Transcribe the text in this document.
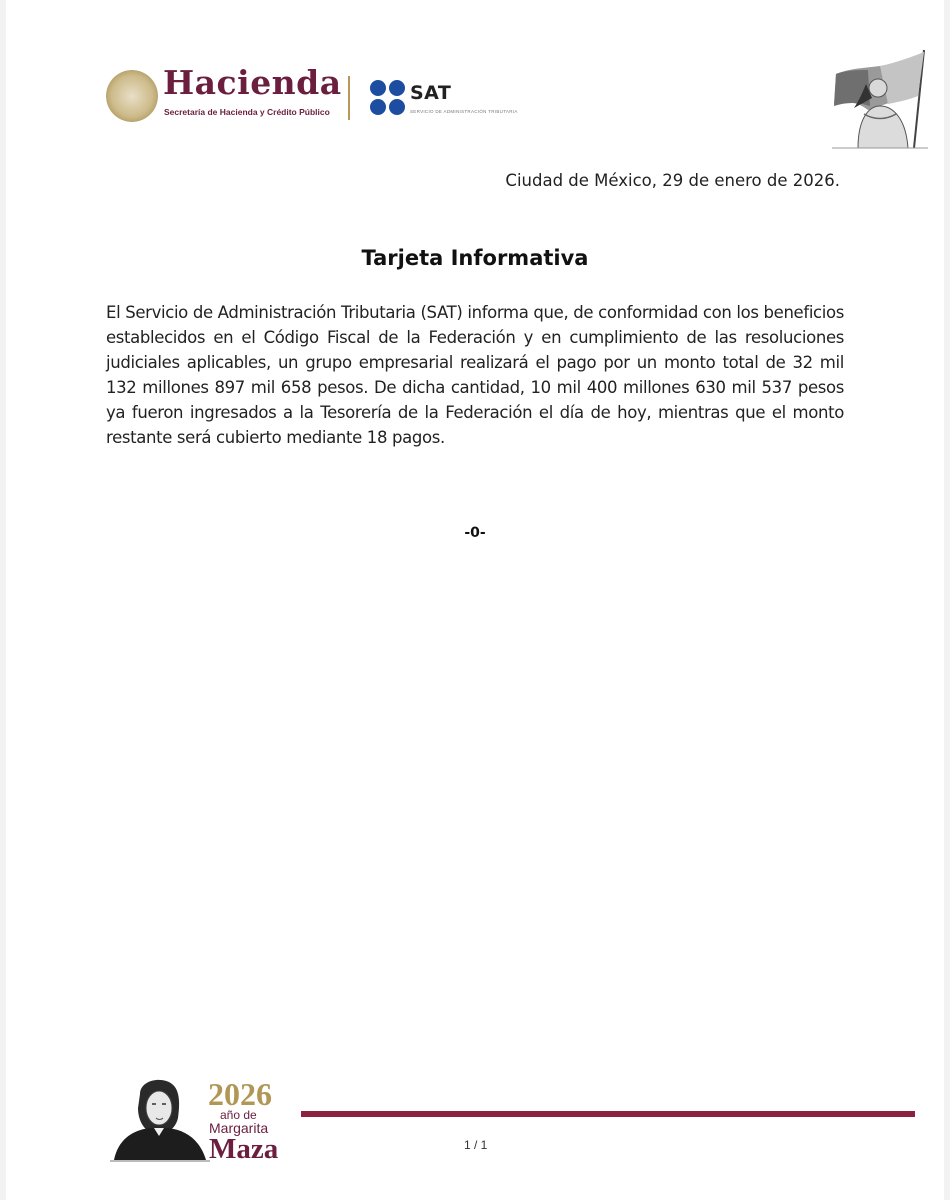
Hacienda
Secretaría de Hacienda y Crédito Público
SAT
SERVICIO DE ADMINISTRACIÓN TRIBUTARIA
Ciudad de México, 29 de enero de 2026.
Tarjeta Informativa
El Servicio de Administración Tributaria (SAT) informa que, de conformidad con los beneficios establecidos en el Código Fiscal de la Federación y en cumplimiento de las resoluciones judiciales aplicables, un grupo empresarial realizará el pago por un monto total de 32 mil 132 millones 897 mil 658 pesos. De dicha cantidad, 10 mil 400 millones 630 mil 537 pesos ya fueron ingresados a la Tesorería de la Federación el día de hoy, mientras que el monto restante será cubierto mediante 18 pagos.
-0-
2026
año de
Margarita
Maza	1 / 1
